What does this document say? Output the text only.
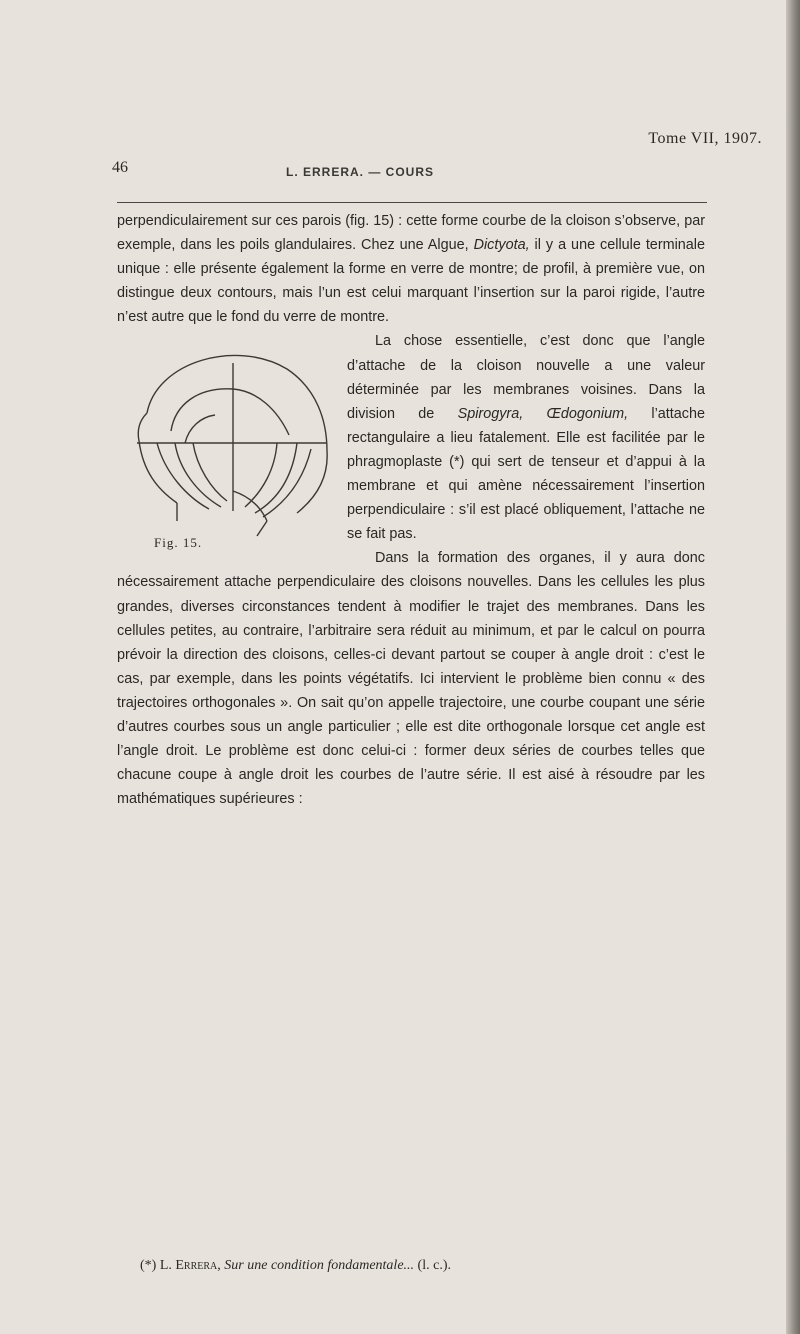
Tome VII, 1907.
46	L. ERRERA. — COURS

perpendiculairement sur ces parois (fig. 15) : cette forme courbe de la cloison s’observe, par exemple, dans les poils glandulaires. Chez une Algue, Dictyota, il y a une cellule terminale unique : elle présente également la forme en verre de montre; de profil, à première vue, on distingue deux contours, mais l’un est celui marquant l’insertion sur la paroi rigide, l’autre n’est autre que le fond du verre de montre.

Fig. 15.

La chose essentielle, c’est donc que l’angle d’attache de la cloison nouvelle a une valeur déterminée par les membranes voisines. Dans la division de Spirogyra, Œdogonium, l’attache rectangulaire a lieu fatalement. Elle est facilitée par le phragmoplaste (*) qui sert de tenseur et d’appui à la membrane et qui amène nécessairement l’insertion perpendiculaire : s’il est placé obliquement, l’attache ne se fait pas.

Dans la formation des organes, il y aura donc nécessairement attache perpendiculaire des cloisons nouvelles. Dans les cellules les plus grandes, diverses circonstances tendent à modifier le trajet des membranes. Dans les cellules petites, au contraire, l’arbitraire sera réduit au minimum, et par le calcul on pourra prévoir la direction des cloisons, celles-ci devant partout se couper à angle droit : c’est le cas, par exemple, dans les points végétatifs. Ici intervient le problème bien connu « des trajectoires orthogonales ». On sait qu’on appelle trajectoire, une courbe coupant une série d’autres courbes sous un angle particulier ; elle est dite orthogonale lorsque cet angle est l’angle droit. Le problème est donc celui-ci : former deux séries de courbes telles que chacune coupe à angle droit les courbes de l’autre série. Il est aisé à résoudre par les mathématiques supérieures :

(*) L. Errera, Sur une condition fondamentale... (l. c.).
